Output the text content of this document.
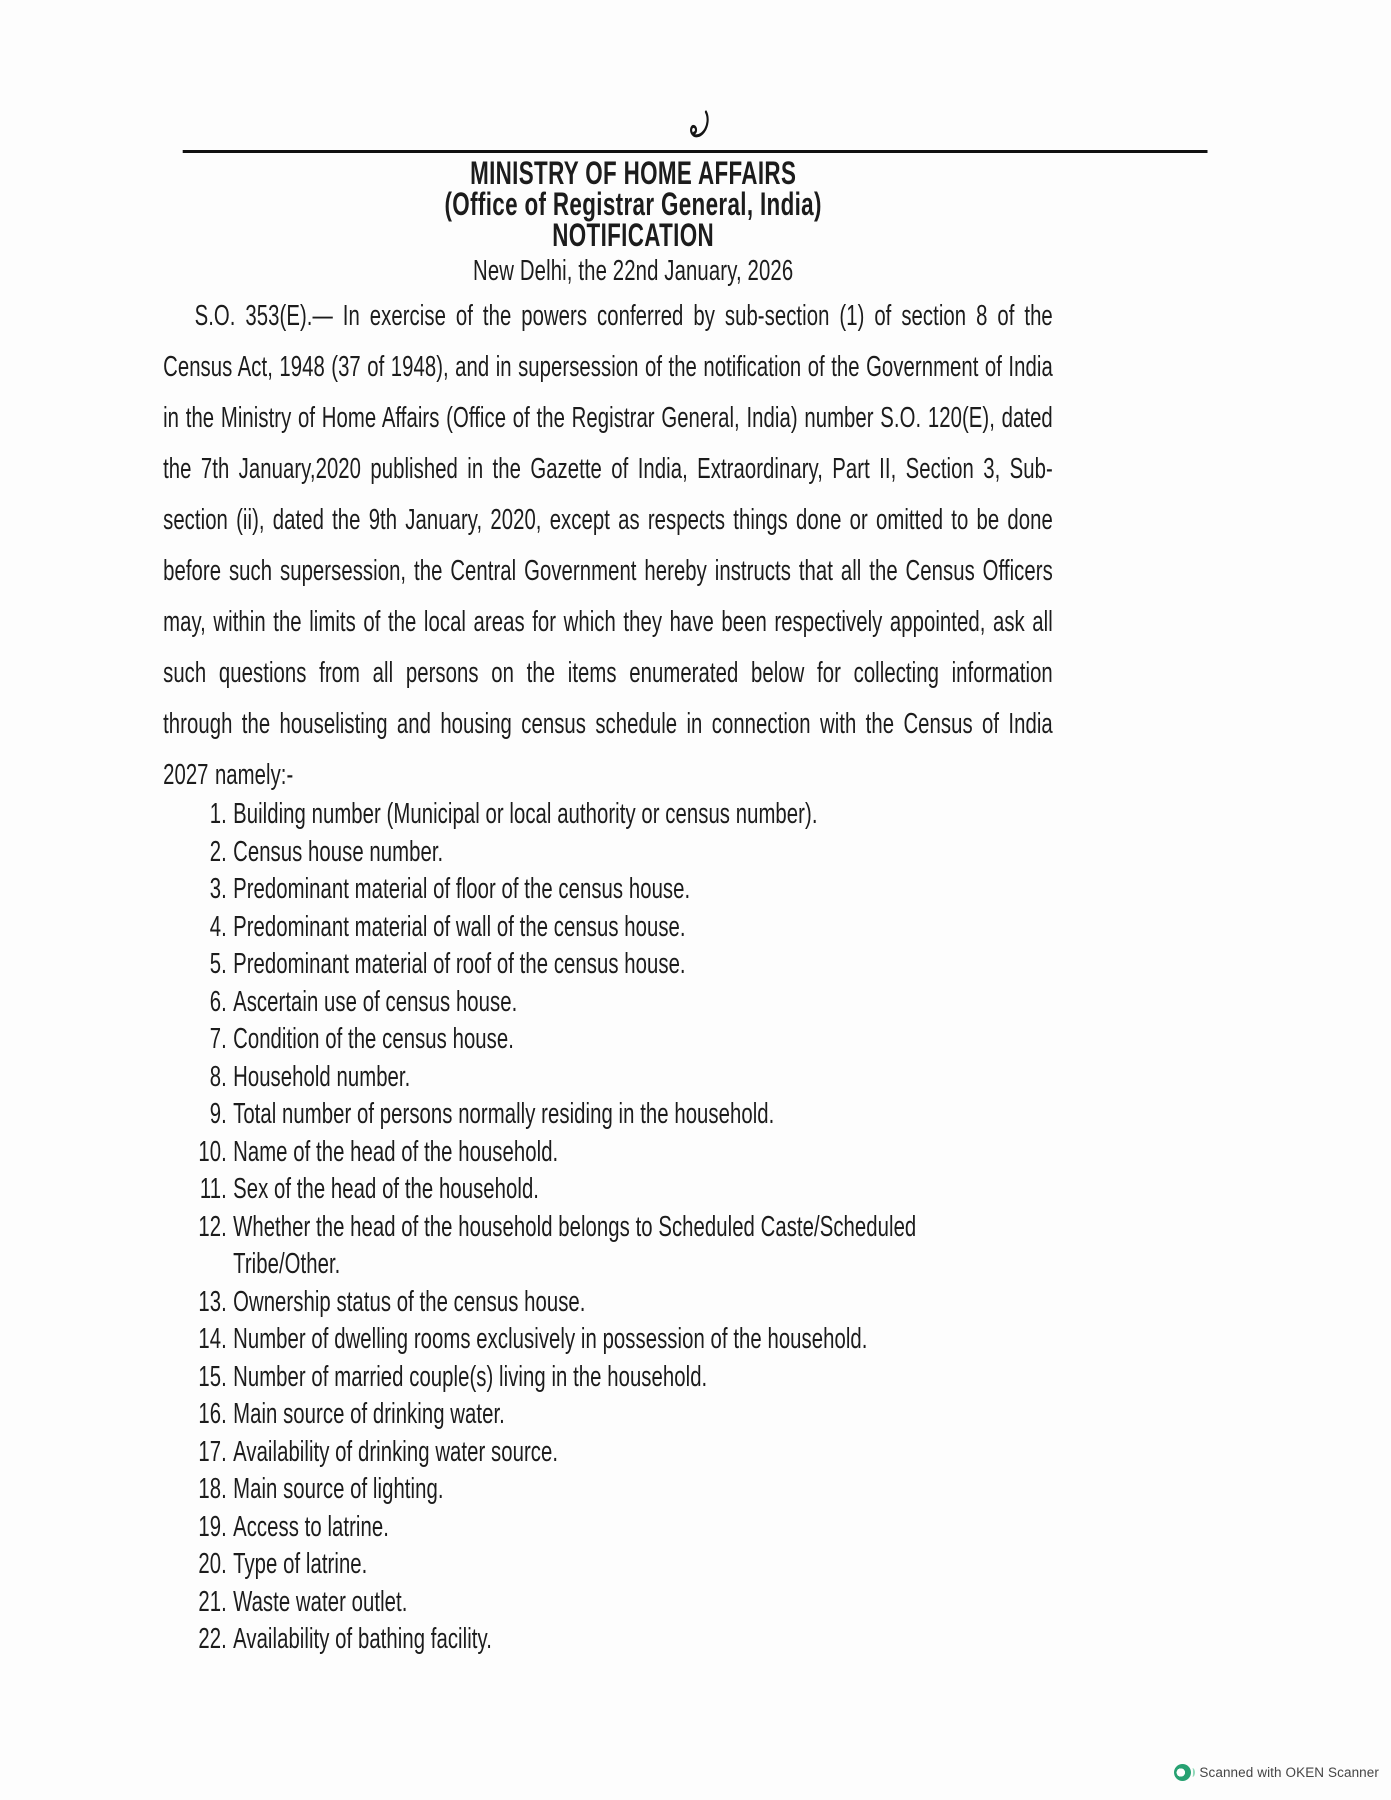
MINISTRY OF HOME AFFAIRS
(Office of Registrar General, India)
NOTIFICATION
New Delhi, the 22nd January, 2026
S.O. 353(E).— In exercise of the powers conferred by sub-section (1) of section 8 of the Census Act, 1948 (37 of 1948), and in supersession of the notification of the Government of India in the Ministry of Home Affairs (Office of the Registrar General, India) number S.O. 120(E), dated the 7th January,2020 published in the Gazette of India, Extraordinary, Part II, Section 3, Sub-section (ii), dated the 9th January, 2020, except as respects things done or omitted to be done before such supersession, the Central Government hereby instructs that all the Census Officers may, within the limits of the local areas for which they have been respectively appointed, ask all such questions from all persons on the items enumerated below for collecting information through the houselisting and housing census schedule in connection with the Census of India 2027 namely:-
1. Building number (Municipal or local authority or census number).
2. Census house number.
3. Predominant material of floor of the census house.
4. Predominant material of wall of the census house.
5. Predominant material of roof of the census house.
6. Ascertain use of census house.
7. Condition of the census house.
8. Household number.
9. Total number of persons normally residing in the household.
10. Name of the head of the household.
11. Sex of the head of the household.
12. Whether the head of the household belongs to Scheduled Caste/Scheduled Tribe/Other.
13. Ownership status of the census house.
14. Number of dwelling rooms exclusively in possession of the household.
15. Number of married couple(s) living in the household.
16. Main source of drinking water.
17. Availability of drinking water source.
18. Main source of lighting.
19. Access to latrine.
20. Type of latrine.
21. Waste water outlet.
22. Availability of bathing facility.
Scanned with OKEN Scanner
